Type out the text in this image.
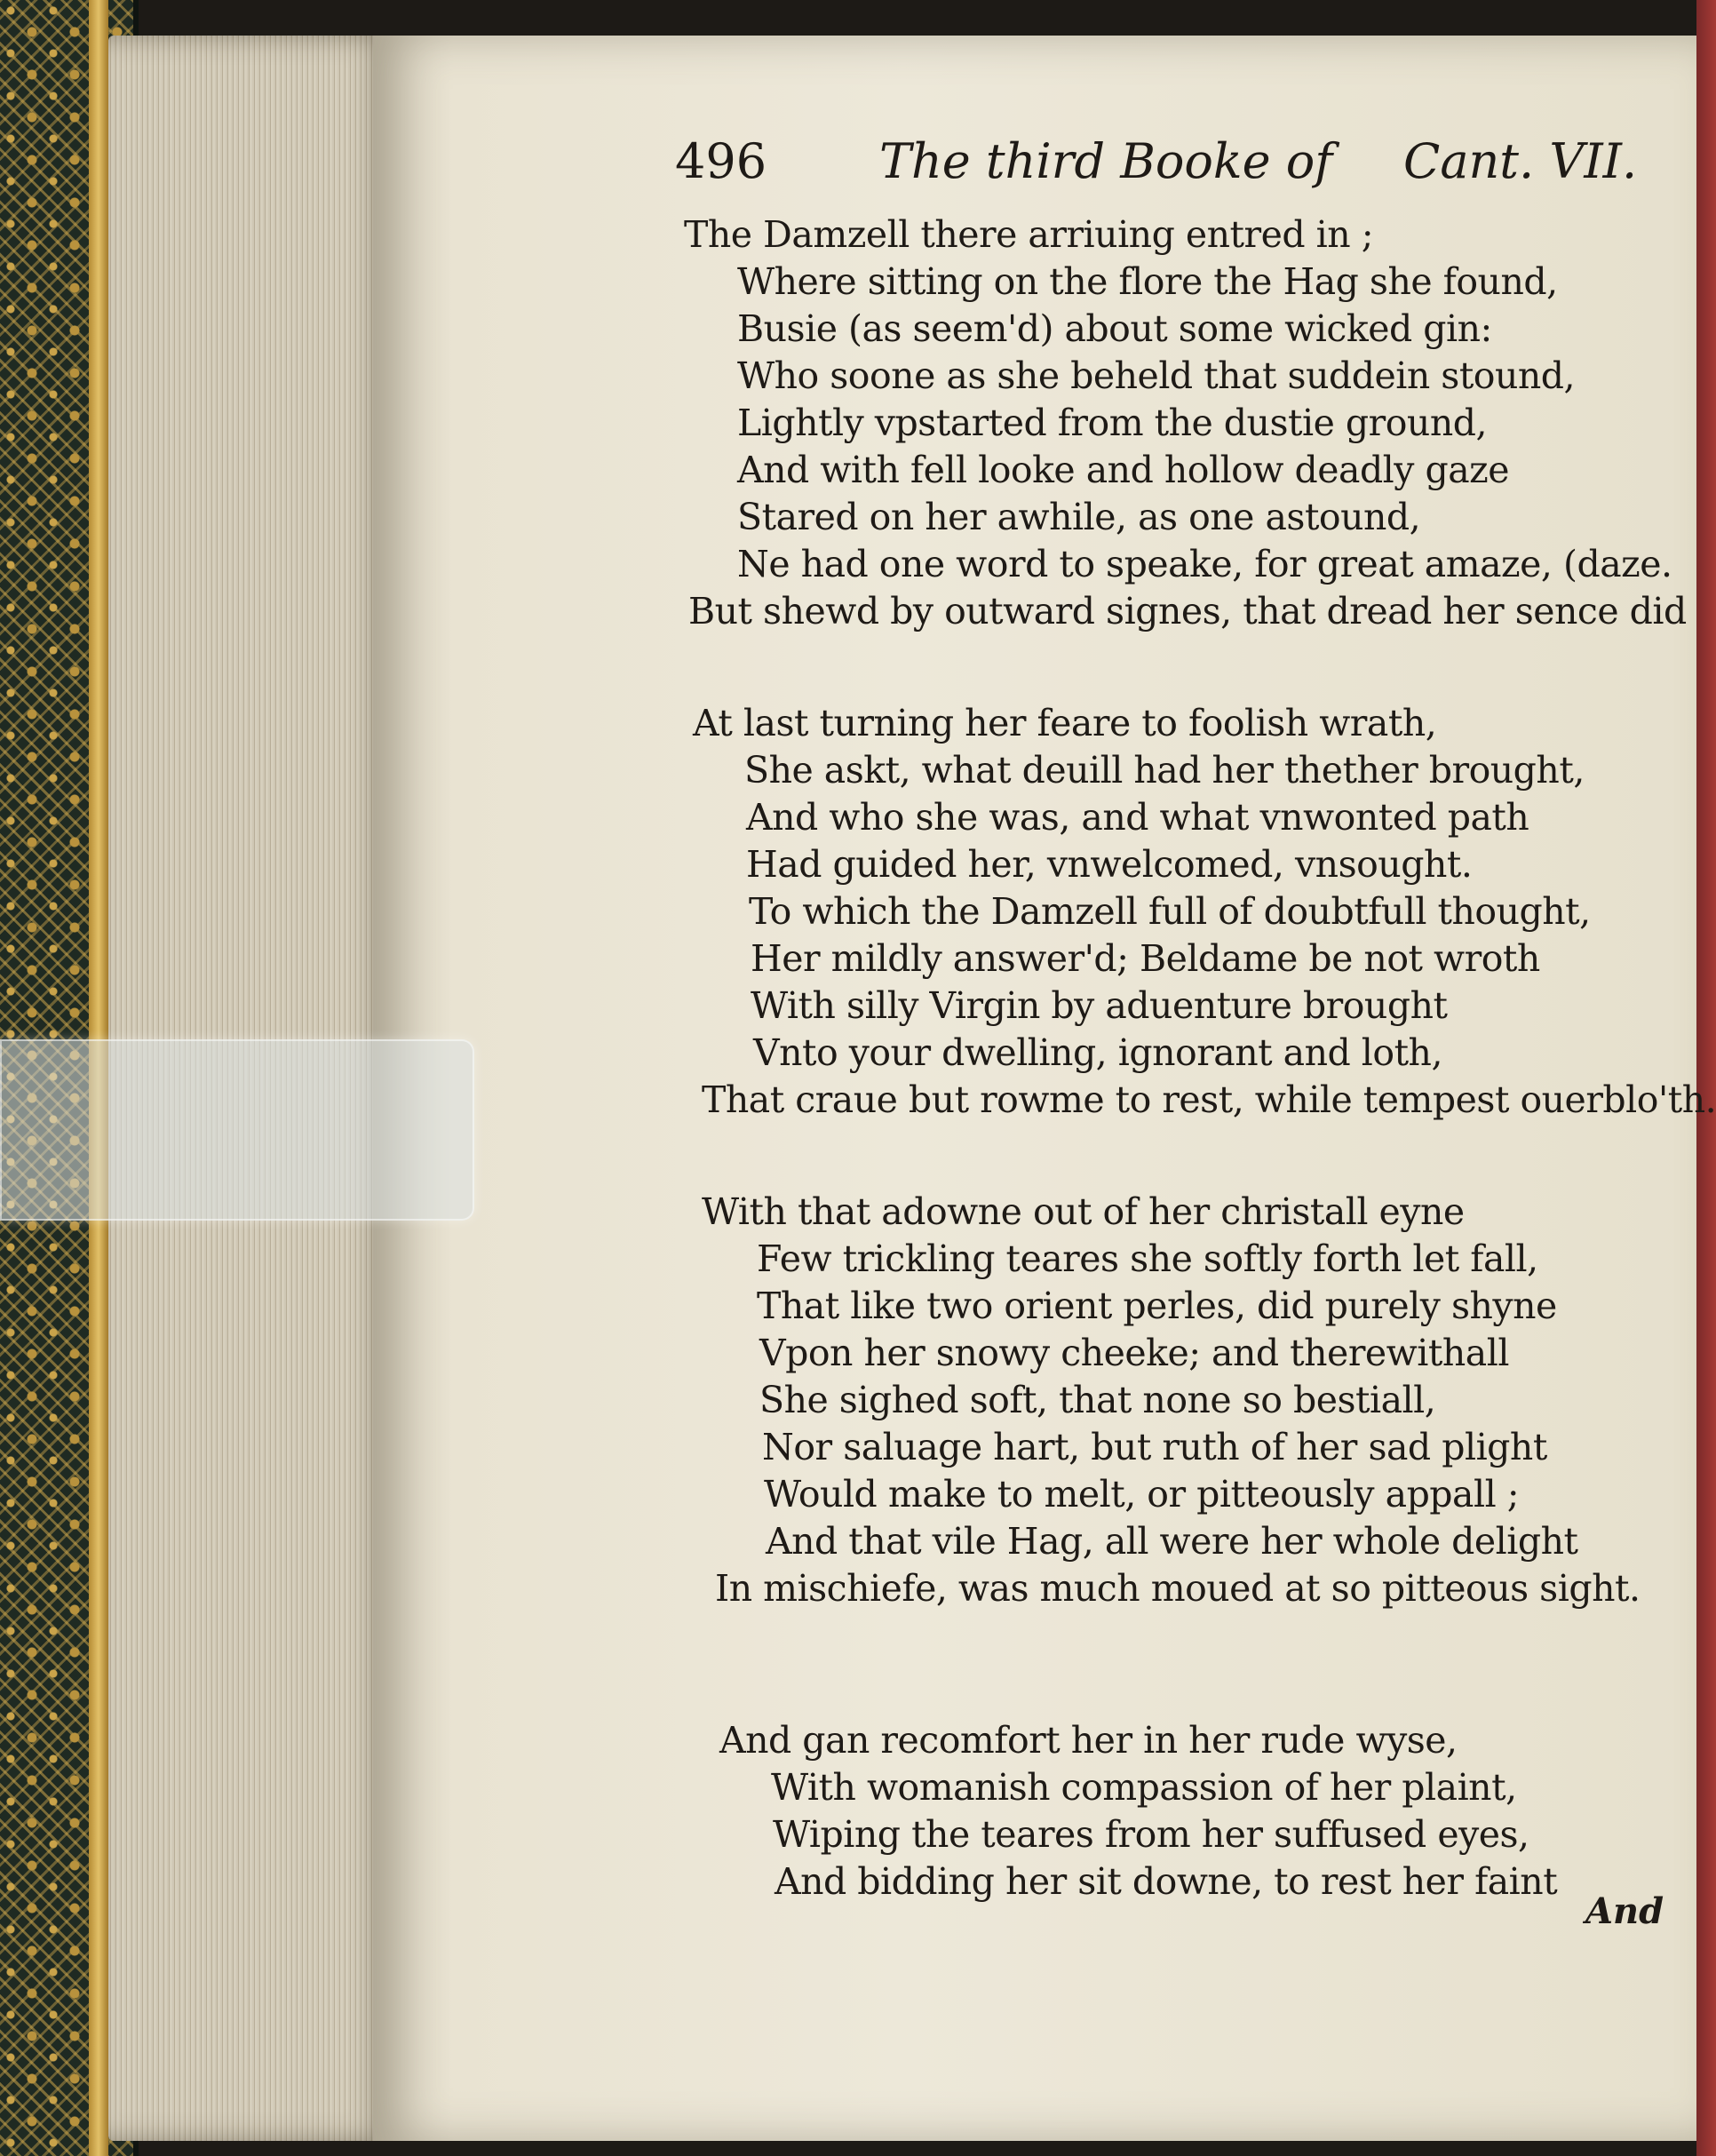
496 The third Booke of Cant. VII.
The Damzell there arriuing entred in ;
Where sitting on the flore the Hag she found,
Busie (as seem'd) about some wicked gin:
Who soone as she beheld that suddein stound,
Lightly vpstarted from the dustie ground,
And with fell looke and hollow deadly gaze
Stared on her awhile, as one astound,
Ne had one word to speake, for great amaze, (daze.
But shewd by outward signes, that dread her sence did
At last turning her feare to foolish wrath,
She askt, what deuill had her thether brought,
And who she was, and what vnwonted path
Had guided her, vnwelcomed, vnsought.
To which the Damzell full of doubtfull thought,
Her mildly answer'd; Beldame be not wroth
With silly Virgin by aduenture brought
Vnto your dwelling, ignorant and loth,
That craue but rowme to rest, while tempest ouerblo'th.
With that adowne out of her christall eyne
Few trickling teares she softly forth let fall,
That like two orient perles, did purely shyne
Vpon her snowy cheeke; and therewithall
She sighed soft, that none so bestiall,
Nor saluage hart, but ruth of her sad plight
Would make to melt, or pitteously appall ;
And that vile Hag, all were her whole delight
In mischiefe, was much moued at so pitteous sight.
And gan recomfort her in her rude wyse,
With womanish compassion of her plaint,
Wiping the teares from her suffused eyes,
And bidding her sit downe, to rest her faint
And
